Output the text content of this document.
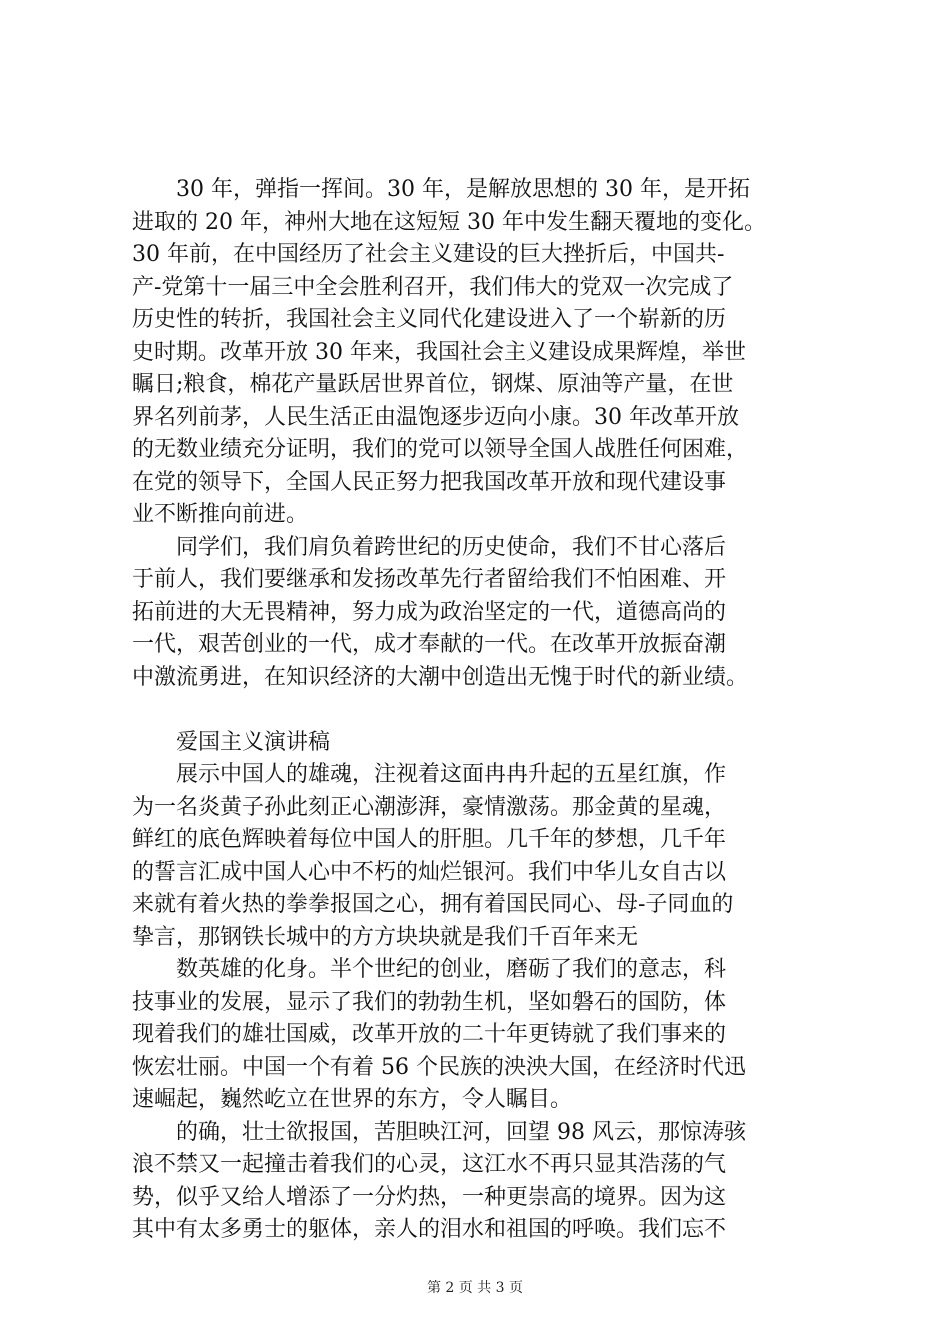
30 年，弹指一挥间。30 年，是解放思想的 30 年，是开拓
进取的 20 年，神州大地在这短短 30 年中发生翻天覆地的变化。
30 年前，在中国经历了社会主义建设的巨大挫折后，中国共-
产-党第十一届三中全会胜利召开，我们伟大的党双一次完成了
历史性的转折，我国社会主义同代化建设进入了一个崭新的历
史时期。改革开放 30 年来，我国社会主义建设成果辉煌，举世
瞩日;粮食，棉花产量跃居世界首位，钢煤、原油等产量，在世
界名列前茅，人民生活正由温饱逐步迈向小康。30 年改革开放
的无数业绩充分证明，我们的党可以领导全国人战胜任何困难，
在党的领导下，全国人民正努力把我国改革开放和现代建设事
业不断推向前进。
同学们，我们肩负着跨世纪的历史使命，我们不甘心落后
于前人，我们要继承和发扬改革先行者留给我们不怕困难、开
拓前进的大无畏精神，努力成为政治坚定的一代，道德高尚的
一代，艰苦创业的一代，成才奉献的一代。在改革开放振奋潮
中激流勇进，在知识经济的大潮中创造出无愧于时代的新业绩。
爱国主义演讲稿
展示中国人的雄魂，注视着这面冉冉升起的五星红旗，作
为一名炎黄子孙此刻正心潮澎湃，豪情激荡。那金黄的星魂，
鲜红的底色辉映着每位中国人的肝胆。几千年的梦想，几千年
的誓言汇成中国人心中不朽的灿烂银河。我们中华儿女自古以
来就有着火热的拳拳报国之心，拥有着国民同心、母-子同血的
挚言，那钢铁长城中的方方块块就是我们千百年来无
数英雄的化身。半个世纪的创业，磨砺了我们的意志，科
技事业的发展，显示了我们的勃勃生机，坚如磐石的国防，体
现着我们的雄壮国威，改革开放的二十年更铸就了我们事来的
恢宏壮丽。中国一个有着 56 个民族的泱泱大国，在经济时代迅
速崛起，巍然屹立在世界的东方，令人瞩目。
的确，壮士欲报国，苦胆映江河，回望 98 风云，那惊涛骇
浪不禁又一起撞击着我们的心灵，这江水不再只显其浩荡的气
势，似乎又给人增添了一分灼热，一种更崇高的境界。因为这
其中有太多勇士的躯体，亲人的泪水和祖国的呼唤。我们忘不
第 2 页 共 3 页
